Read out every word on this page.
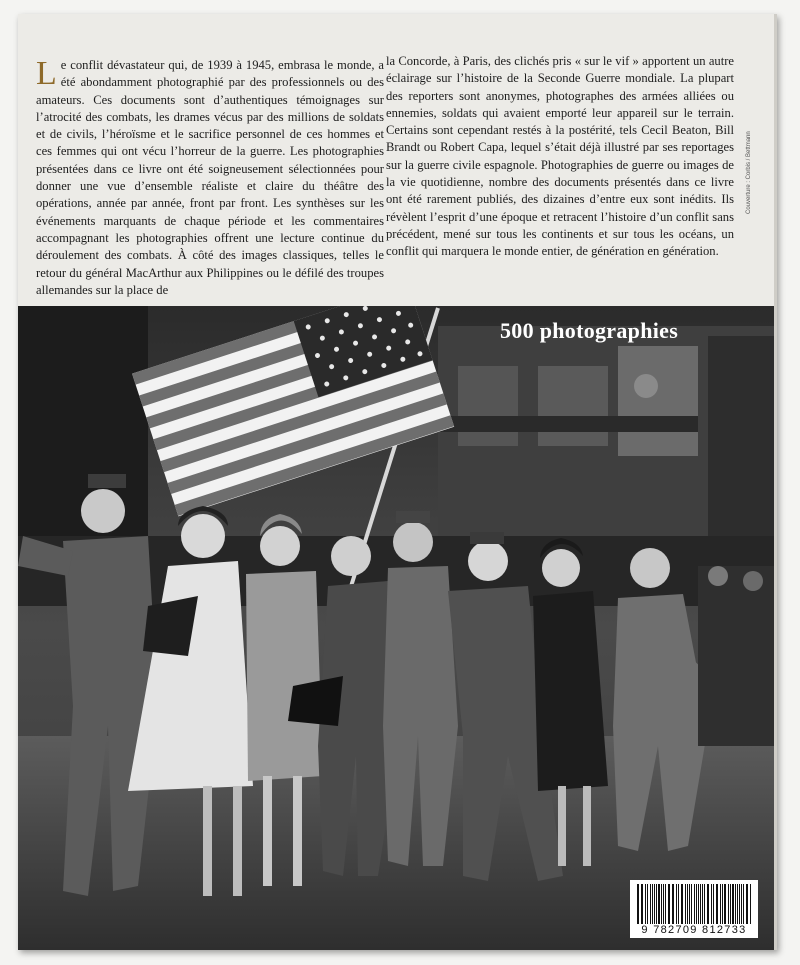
L e conflit dévastateur qui, de 1939 à 1945, embrasa le monde, a été abondamment photographié par des professionnels ou des amateurs. Ces documents sont d’authentiques témoignages sur l’atrocité des combats, les drames vécus par des millions de soldats et de civils, l’héroïsme et le sacrifice personnel de ces hommes et ces femmes qui ont vécu l’horreur de la guerre. Les photographies présentées dans ce livre ont été soigneusement sélectionnées pour donner une vue d’ensemble réaliste et claire du théâtre des opérations, année par année, front par front. Les synthèses sur les événements marquants de chaque période et les commentaires accompagnant les photographies offrent une lecture continue du déroulement des combats. À côté des images classiques, telles le retour du général MacArthur aux Philippines ou le défilé des troupes allemandes sur la place de
la Concorde, à Paris, des clichés pris « sur le vif » apportent un autre éclairage sur l’histoire de la Seconde Guerre mondiale. La plupart des reporters sont anonymes, photographes des armées alliées ou ennemies, soldats qui avaient emporté leur appareil sur le terrain. Certains sont cependant restés à la postérité, tels Cecil Beaton, Bill Brandt ou Robert Capa, lequel s’était déjà illustré par ses reportages sur la guerre civile espagnole. Photographies de guerre ou images de la vie quotidienne, nombre des documents présentés dans ce livre ont été rarement publiés, des dizaines d’entre eux sont inédits. Ils révèlent l’esprit d’une époque et retracent l’histoire d’un conflit sans précédent, mené sur tous les continents et sur tous les océans, un conflit qui marquera le monde entier, de génération en génération.
Couverture : Corbis / Bettmann
500 photographies
9 782709 812733
